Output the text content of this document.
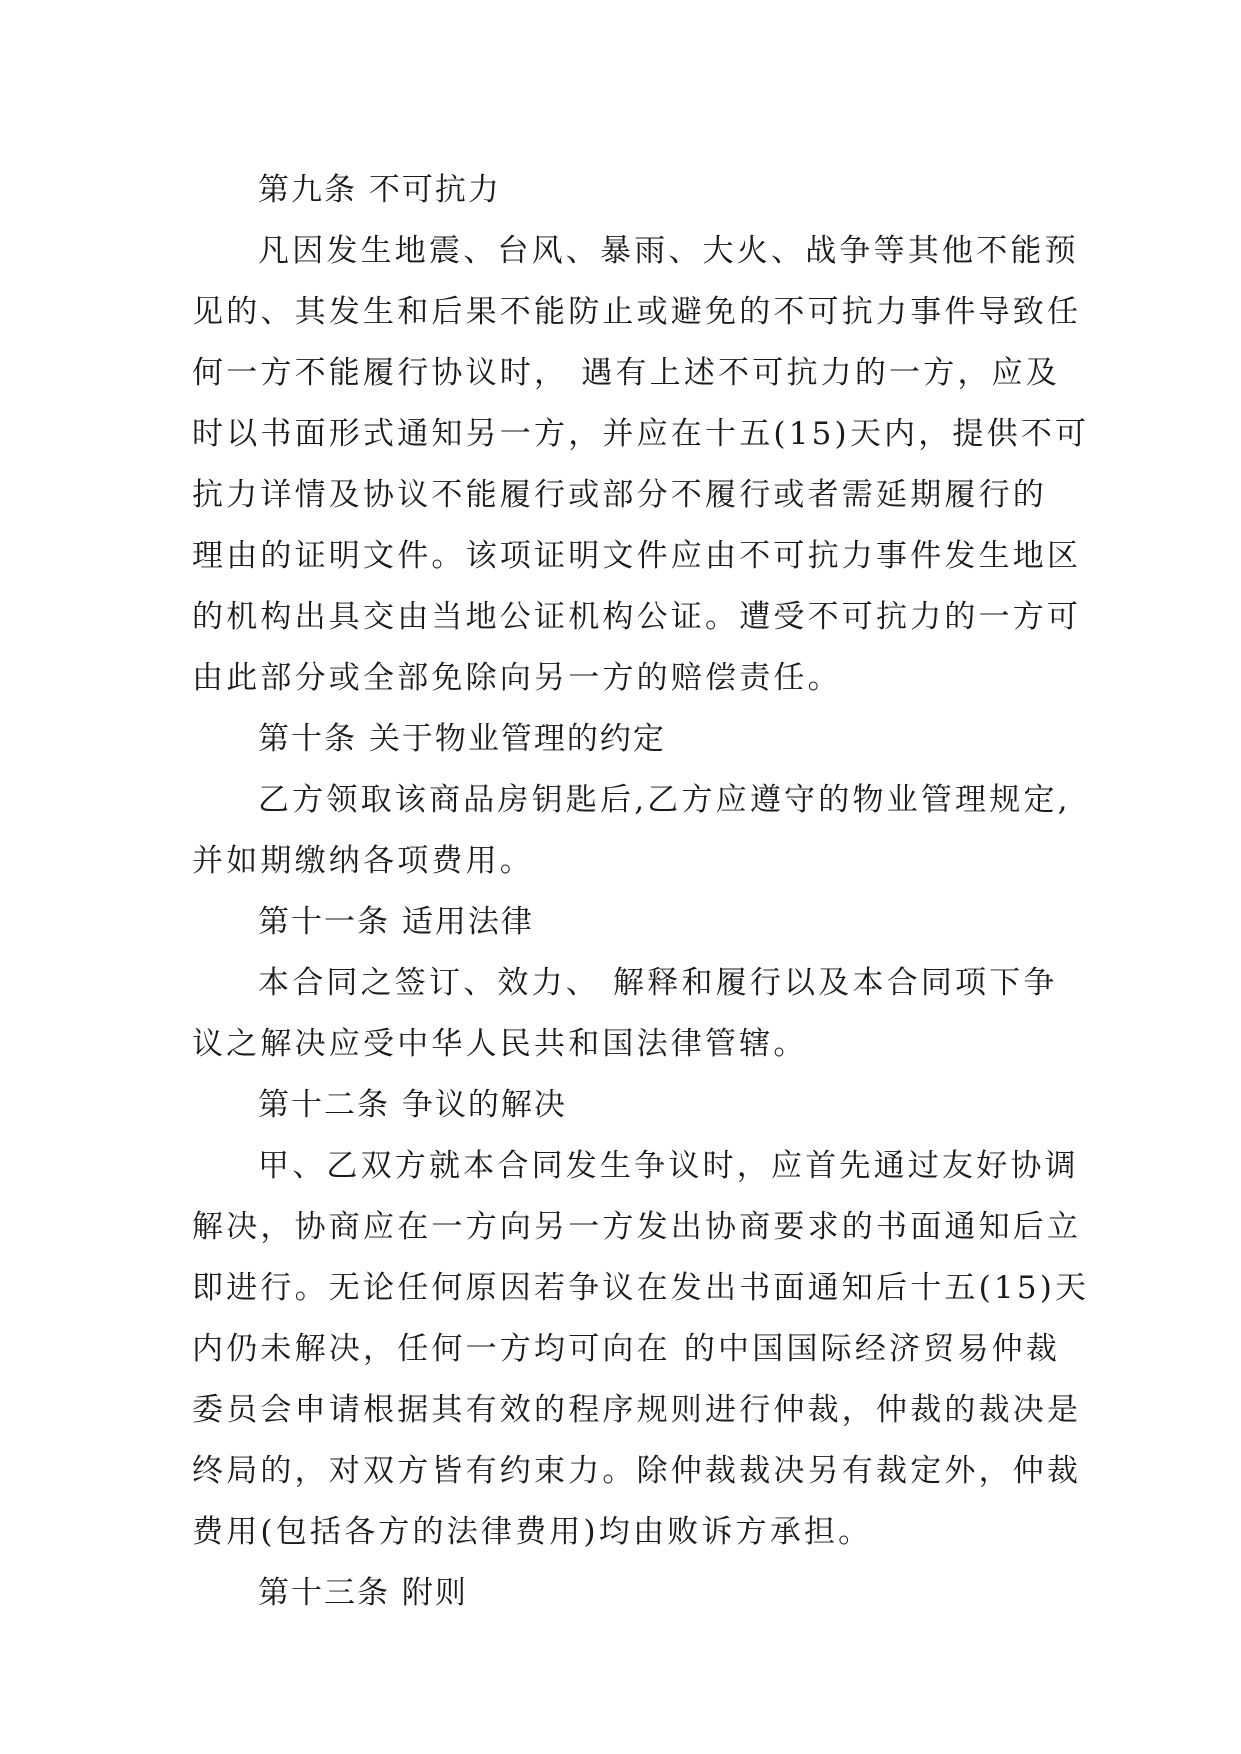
第九条 不可抗力
凡因发生地震、台风、暴雨、大火、战争等其他不能预
见的、其发生和后果不能防止或避免的不可抗力事件导致任
何一方不能履行协议时， 遇有上述不可抗力的一方，应及
时以书面形式通知另一方，并应在十五(15)天内，提供不可
抗力详情及协议不能履行或部分不履行或者需延期履行的
理由的证明文件。该项证明文件应由不可抗力事件发生地区
的机构出具交由当地公证机构公证。遭受不可抗力的一方可
由此部分或全部免除向另一方的赔偿责任。
第十条 关于物业管理的约定
乙方领取该商品房钥匙后,乙方应遵守的物业管理规定,
并如期缴纳各项费用。
第十一条 适用法律
本合同之签订、效力、 解释和履行以及本合同项下争
议之解决应受中华人民共和国法律管辖。
第十二条 争议的解决
甲、乙双方就本合同发生争议时，应首先通过友好协调
解决，协商应在一方向另一方发出协商要求的书面通知后立
即进行。无论任何原因若争议在发出书面通知后十五(15)天
内仍未解决，任何一方均可向在 的中国国际经济贸易仲裁
委员会申请根据其有效的程序规则进行仲裁，仲裁的裁决是
终局的，对双方皆有约束力。除仲裁裁决另有裁定外，仲裁
费用(包括各方的法律费用)均由败诉方承担。
第十三条 附则
